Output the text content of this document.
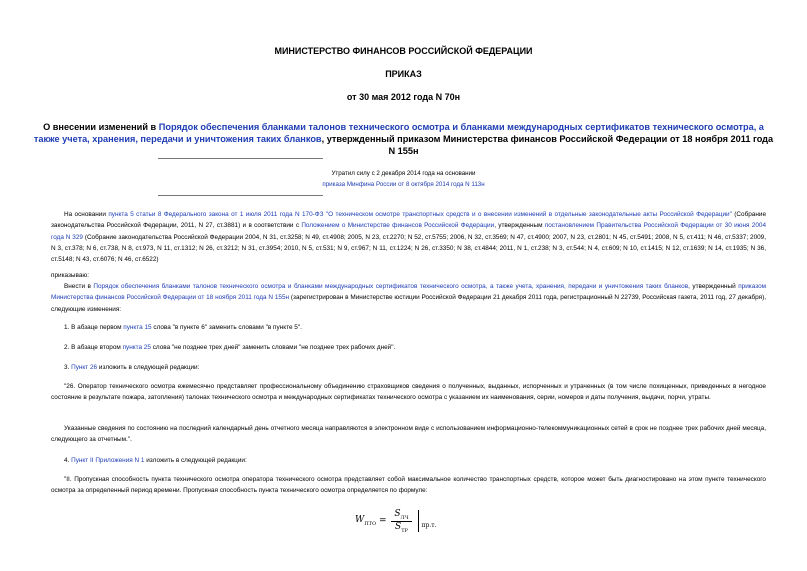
МИНИСТЕРСТВО ФИНАНСОВ РОССИЙСКОЙ ФЕДЕРАЦИИ
ПРИКАЗ
от 30 мая 2012 года N 70н
О внесении изменений в Порядок обеспечения бланками талонов технического осмотра и бланками международных сертификатов технического осмотра, а также учета, хранения, передачи и уничтожения таких бланков, утвержденный приказом Министерства финансов Российской Федерации от 18 ноября 2011 года N 155н
Утратил силу с 2 декабря 2014 года на основании
приказа Минфина России от 8 октября 2014 года N 113н
На основании пункта 5 статьи 8 Федерального закона от 1 июля 2011 года N 170-ФЗ "О техническом осмотре транспортных средств и о внесении изменений в отдельные законодательные акты Российской Федерации" (Собрание законодательства Российской Федерации, 2011, N 27, ст.3881) и в соответствии с Положением о Министерстве финансов Российской Федерации, утвержденным постановлением Правительства Российской Федерации от 30 июня 2004 года N 329 (Собрание законодательства Российской Федерации 2004, N 31, ст.3258; N 49, ст.4908; 2005, N 23, ст.2270; N 52, ст.5755; 2006, N 32, ст.3569; N 47, ст.4900; 2007, N 23, ст.2801; N 45, ст.5491; 2008, N 5, ст.411; N 46, ст.5337; 2009, N 3, ст.378; N 6, ст.738, N 8, ст.973, N 11, ст.1312; N 26, ст.3212; N 31, ст.3954; 2010, N 5, ст.531; N 9, ст.967; N 11, ст.1224; N 26, ст.3350; N 38, ст.4844; 2011, N 1, ст.238; N 3, ст.544; N 4, ст.609; N 10, ст.1415; N 12, ст.1639; N 14, ст.1935; N 36, ст.5148; N 43, ст.6076; N 46, ст.6522)
приказываю:
Внести в Порядок обеспечения бланками талонов технического осмотра и бланками международных сертификатов технического осмотра, а также учета, хранения, передачи и уничтожения таких бланков, утвержденный приказом Министерства финансов Российской Федерации от 18 ноября 2011 года N 155н (зарегистрирован в Министерстве юстиции Российской Федерации 21 декабря 2011 года, регистрационный N 22739, Российская газета, 2011 год, 27 декабря), следующие изменения:
1. В абзаце первом пункта 15 слова "в пункте 6" заменить словами "в пункте 5".
2. В абзаце втором пункта 25 слова "не позднее трех дней" заменить словами "не позднее трех рабочих дней".
3. Пункт 26 изложить в следующей редакции:
"26. Оператор технического осмотра ежемесячно представляет профессиональному объединению страховщиков сведения о полученных, выданных, испорченных и утраченных (в том числе похищенных, приведенных в негодное состояние в результате пожара, затопления) талонах технического осмотра и международных сертификатах технического осмотра с указанием их наименования, серии, номеров и даты получения, выдачи, порчи, утраты.
Указанные сведения по состоянию на последний календарный день отчетного месяца направляются в электронном виде с использованием информационно-телекоммуникационных сетей в срок не позднее трех рабочих дней месяца, следующего за отчетным.".
4. Пункт II Приложения N 1 изложить в следующей редакции:
"II. Пропускная способность пункта технического осмотра оператора технического осмотра представляет собой максимальное количество транспортных средств, которое может быть диагностировано на этом пункте технического осмотра за определенный период времени. Пропускная способность пункта технического осмотра определяется по формуле:
$W_{ПТО} = \frac{S_{ЛЧ}}{S_{ТР}} пр.т$.
